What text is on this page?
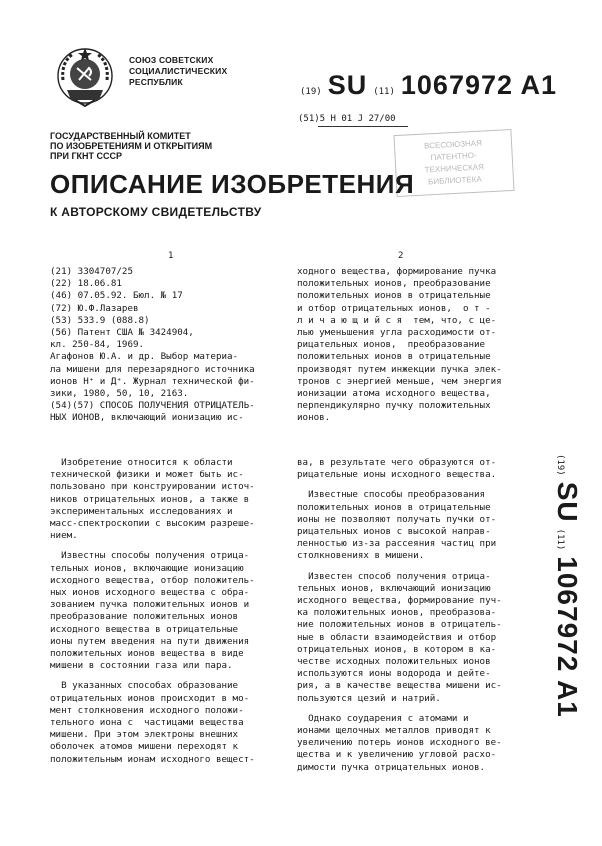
СОЮЗ СОВЕТСКИХ
СОЦИАЛИСТИЧЕСКИХ
РЕСПУБЛИК
(19) SU (11) 1067972 A1
(51)5 Н 01 J 27/00
ВСЕСОЮЗНАЯ
ПАТЕНТНО-
ТЕХНИЧЕСКАЯ
БИБЛИОТЕКА
ГОСУДАРСТВЕННЫЙ КОМИТЕТ
ПО ИЗОБРЕТЕНИЯМ И ОТКРЫТИЯМ
ПРИ ГКНТ СССР
ОПИСАНИЕ ИЗОБРЕТЕНИЯ
К АВТОРСКОМУ СВИДЕТЕЛЬСТВУ
1	2
(21) 3304707/25
(22) 18.06.81
(46) 07.05.92. Бюл. № 17
(72) Ю.Ф.Лазарев
(53) 533.9 (088.8)
(56) Патент США № 3424904,
кл. 250-84, 1969.
Агафонов Ю.А. и др. Выбор материа-
ла мишени для перезарядного источника
ионов Н⁺ и Д⁺. Журнал технической фи-
зики, 1980, 50, 10, 2163.
(54)(57) СПОСОБ ПОЛУЧЕНИЯ ОТРИЦАТЕЛЬ-
НЫХ ИОНОВ, включающий ионизацию ис-
ходного вещества, формирование пучка
положительных ионов, преобразование
положительных ионов в отрицательные
и отбор отрицательных ионов,  о т -
л и ч а ю щ и й с я  тем, что, с це-
лью уменьшения угла расходимости от-
рицательных ионов,  преобразование
положительных ионов в отрицательные
производят путем инжекции пучка элек-
тронов с энергией меньше, чем энергия
ионизации атома исходного вещества,
перпендикулярно пучку положительных
ионов.
Изобретение относится к области
технической физики и может быть ис-
пользовано при конструировании источ-
ников отрицательных ионов, а также в
экспериментальных исследованиях и
масс-спектроскопии с высоким разреше-
нием.
Известны способы получения отрица-
тельных ионов, включающие ионизацию
исходного вещества, отбор положитель-
ных ионов исходного вещества с обра-
зованием пучка положительных ионов и
преобразование положительных ионов
исходного вещества в отрицательные
ионы путем введения на пути движения
положительных ионов вещества в виде
мишени в состоянии газа или пара.
В указанных способах образование
отрицательных ионов происходит в мо-
мент столкновения исходного положи-
тельного иона с  частицами вещества
мишени. При этом электроны внешних
оболочек атомов мишени переходят к
положительным ионам исходного вещест-
ва, в результате чего образуются от-
рицательные ионы исходного вещества.
Известные способы преобразования
положительных ионов в отрицательные
ионы не позволяют получать пучки от-
рицательных ионов с высокой направ-
ленностью из-за рассеяния частиц при
столкновениях в мишени.
Известен способ получения отрица-
тельных ионов, включающий ионизацию
исходного вещества, формирование пуч-
ка положительных ионов, преобразова-
ние положительных ионов в отрицатель-
ные в области взаимодействия и отбор
отрицательных ионов, в котором в ка-
честве исходных положительных ионов
используются ионы водорода и дейте-
рия, а в качестве вещества мишени ис-
пользуются цезий и натрий.
Однако соударения с атомами и
ионами щелочных металлов приводят к
увеличению потерь ионов исходного ве-
щества и к увеличению угловой расхо-
димости пучка отрицательных ионов.
(19)
SU
(11)
1067972 A1
